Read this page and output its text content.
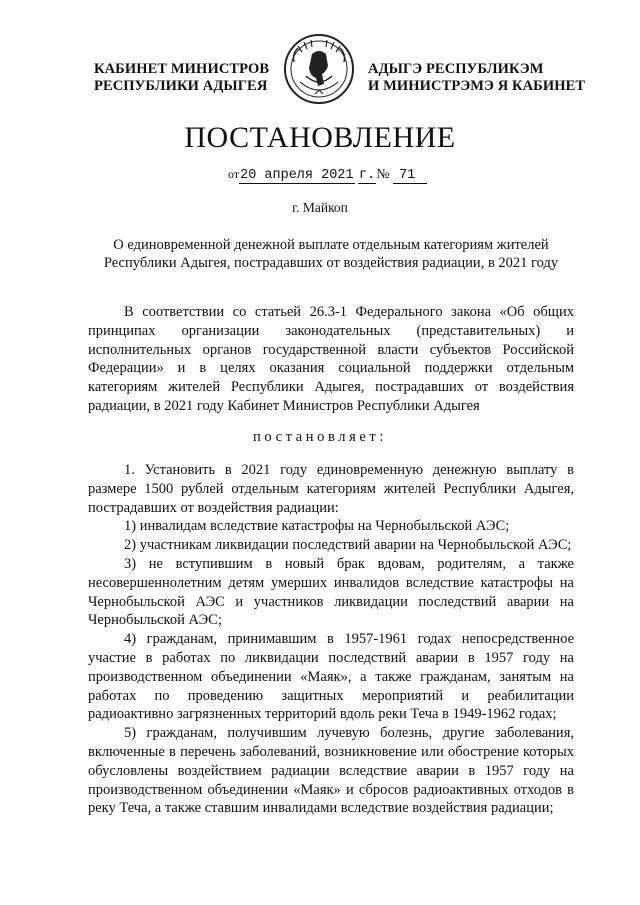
КАБИНЕТ МИНИСТРОВ
РЕСПУБЛИКИ АДЫГЕЯ
АДЫГЭ РЕСПУБЛИКЭМ
И МИНИСТРЭМЭ Я КАБИНЕТ
ПОСТАНОВЛЕНИЕ
от20 апреля 2021 г.№ 71
г. Майкоп
О единовременной денежной выплате отдельным категориям жителей
Республики Адыгея, пострадавших от воздействия радиации, в 2021 году

В соответствии со статьей 26.3-1 Федерального закона «Об общих принципах организации законодательных (представительных) и исполнительных органов государственной власти субъектов Российской Федерации» и в целях оказания социальной поддержки отдельным категориям жителей Республики Адыгея, пострадавших от воздействия радиации, в 2021 году Кабинет Министров Республики Адыгея

постановляет:

1. Установить в 2021 году единовременную денежную выплату в размере 1500 рублей отдельным категориям жителей Республики Адыгея, пострадавших от воздействия радиации:

1) инвалидам вследствие катастрофы на Чернобыльской АЭС;

2) участникам ликвидации последствий аварии на Чернобыльской АЭС;

3) не вступившим в новый брак вдовам, родителям, а также несовершеннолетним детям умерших инвалидов вследствие катастрофы на Чернобыльской АЭС и участников ликвидации последствий аварии на Чернобыльской АЭС;

4) гражданам, принимавшим в 1957-1961 годах непосредственное участие в работах по ликвидации последствий аварии в 1957 году на производственном объединении «Маяк», а также гражданам, занятым на работах по проведению защитных мероприятий и реабилитации радиоактивно загрязненных территорий вдоль реки Теча в 1949-1962 годах;

5) гражданам, получившим лучевую болезнь, другие заболевания, включенные в перечень заболеваний, возникновение или обострение которых обусловлены воздействием радиации вследствие аварии в 1957 году на производственном объединении «Маяк» и сбросов радиоактивных отходов в реку Теча, а также ставшим инвалидами вследствие воздействия радиации;
